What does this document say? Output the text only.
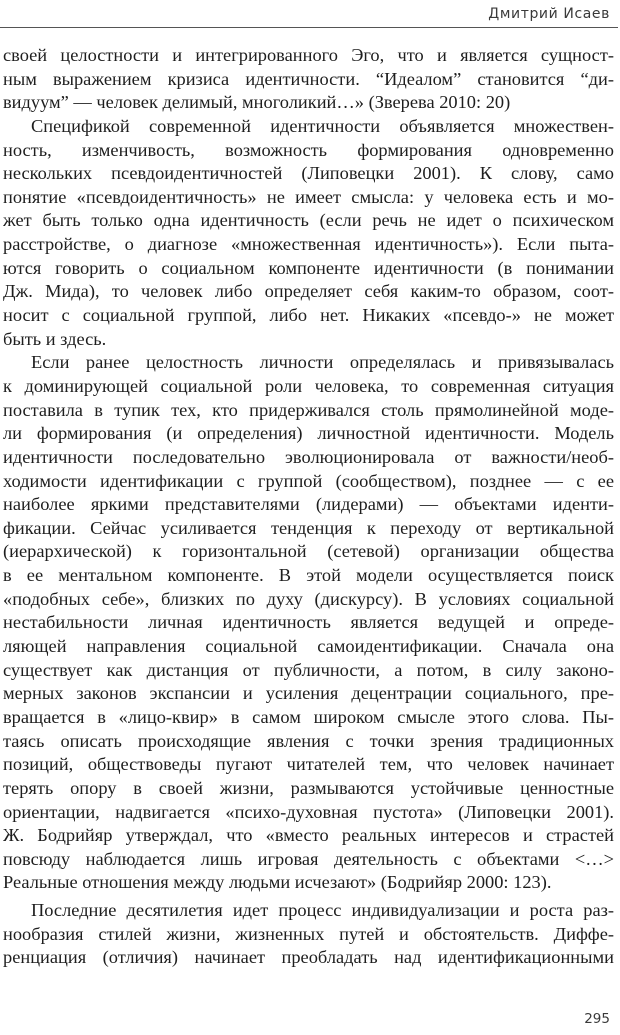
Дмитрий Исаев
своей целостности и интегрированного Эго, что и является сущност-
ным выражением кризиса идентичности. “Идеалом” становится “ди-
видуум” — человек делимый, многоликий…» (Зверева 2010: 20)
Спецификой современной идентичности объявляется множествен-
ность, изменчивость, возможность формирования одновременно
нескольких псевдоидентичностей (Липовецки 2001). К слову, само
понятие «псевдоидентичность» не имеет смысла: у человека есть и мо-
жет быть только одна идентичность (если речь не идет о психическом
расстройстве, о диагнозе «множественная идентичность»). Если пыта-
ются говорить о социальном компоненте идентичности (в понимании
Дж. Мида), то человек либо определяет себя каким-то образом, соот-
носит с социальной группой, либо нет. Никаких «псевдо-» не может
быть и здесь.
Если ранее целостность личности определялась и привязывалась
к доминирующей социальной роли человека, то современная ситуация
поставила в тупик тех, кто придерживался столь прямолинейной моде-
ли формирования (и определения) личностной идентичности. Модель
идентичности последовательно эволюционировала от важности/необ-
ходимости идентификации с группой (сообществом), позднее — с ее
наиболее яркими представителями (лидерами) — объектами иденти-
фикации. Сейчас усиливается тенденция к переходу от вертикальной
(иерархической) к горизонтальной (сетевой) организации общества
в ее ментальном компоненте. В этой модели осуществляется поиск
«подобных себе», близких по духу (дискурсу). В условиях социальной
нестабильности личная идентичность является ведущей и опреде-
ляющей направления социальной самоидентификации. Сначала она
существует как дистанция от публичности, а потом, в силу законо-
мерных законов экспансии и усиления децентрации социального, пре-
вращается в «лицо-квир» в самом широком смысле этого слова. Пы-
таясь описать происходящие явления с точки зрения традиционных
позиций, обществоведы пугают читателей тем, что человек начинает
терять опору в своей жизни, размываются устойчивые ценностные
ориентации, надвигается «психо-духовная пустота» (Липовецки 2001).
Ж. Бодрийяр утверждал, что «вместо реальных интересов и страстей
повсюду наблюдается лишь игровая деятельность с объектами <…>
Реальные отношения между людьми исчезают» (Бодрийяр 2000: 123).
Последние десятилетия идет процесс индивидуализации и роста раз-
нообразия стилей жизни, жизненных путей и обстоятельств. Диффе-
ренциация (отличия) начинает преобладать над идентификационными
295
